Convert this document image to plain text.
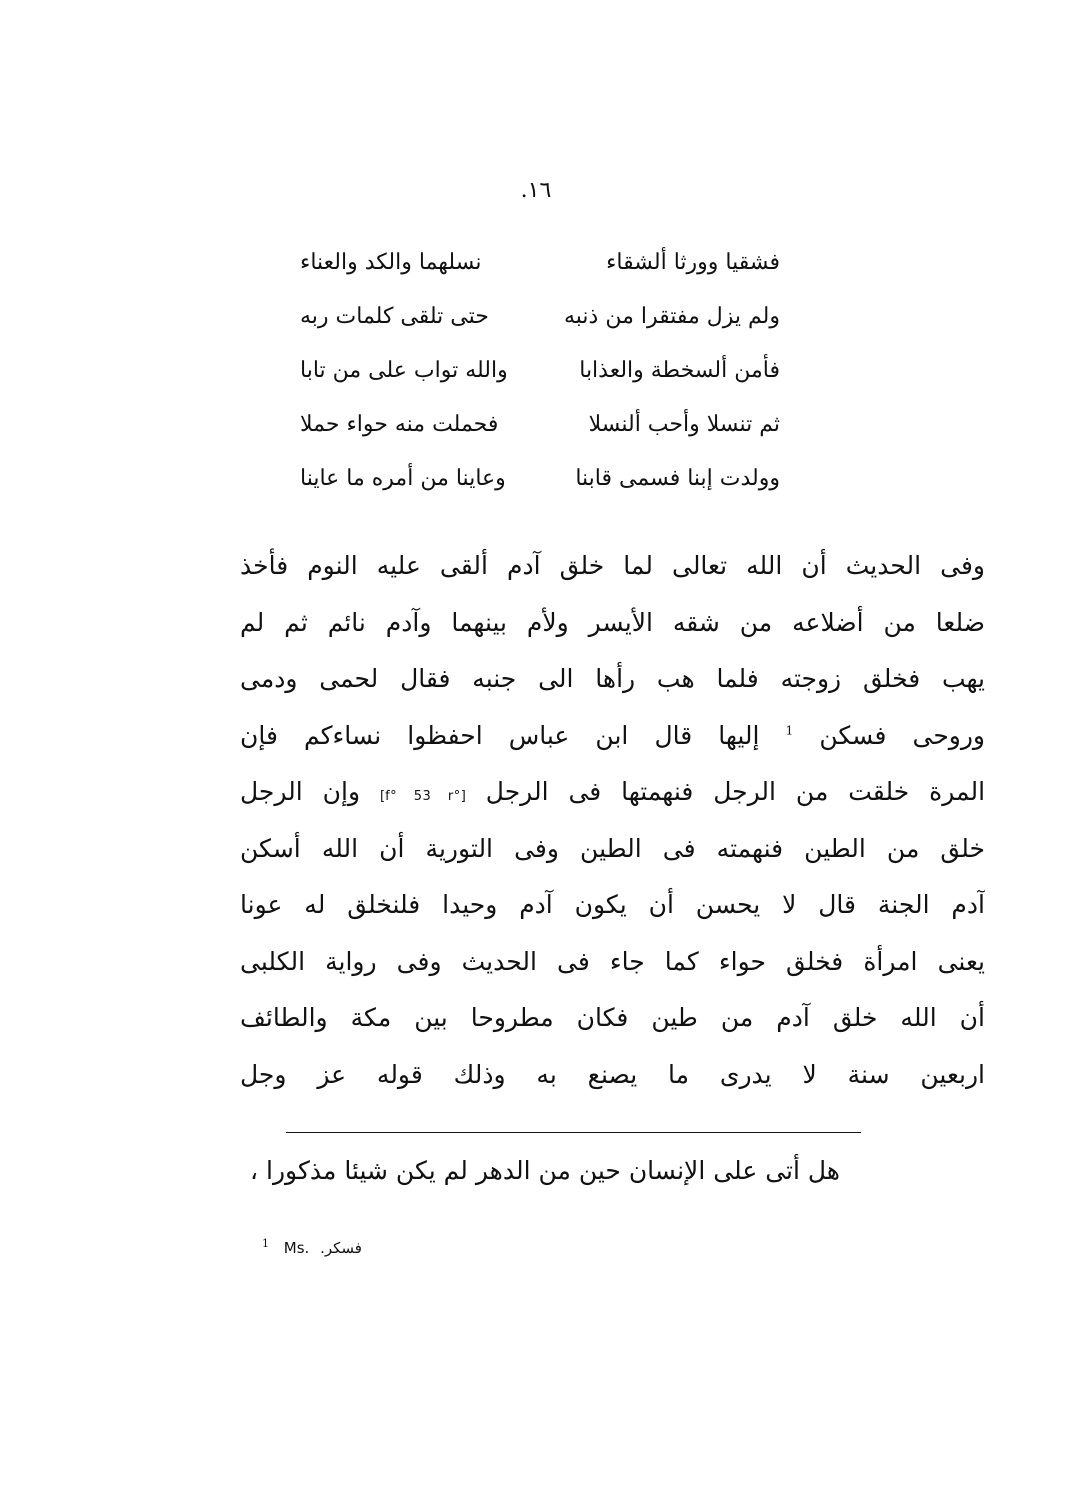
١٦.
فشقيا وورثا ألشقاء
نسلهما والكد والعناء
ولم يزل مفتقرا من ذنبه
حتى تلقى كلمات ربه
فأمن ألسخطة والعذابا
والله تواب على من تابا
ثم تنسلا وأحب ألنسلا
فحملت منه حواء حملا
وولدت إبنا فسمى قابنا
وعاينا من أمره ما عاينا
وفى الحديث أن الله تعالى لما خلق آدم ألقى عليه النوم فأخذ
ضلعا من أضلاعه من شقه الأيسر ولأم بينهما وآدم نائم ثم لم
يهب فخلق زوجته فلما هب رأها الى جنبه فقال لحمى ودمى
وروحى فسكن $^1$ إليها قال ابن عباس احفظوا نساءكم فإن
المرة خلقت من الرجل فنهمتها فى الرجل [f° 53 r°] وإن الرجل
خلق من الطين فنهمته فى الطين وفى التورية أن الله أسكن
آدم الجنة قال لا يحسن أن يكون آدم وحيدا فلنخلق له عونا
يعنى امرأة فخلق حواء كما جاء فى الحديث وفى رواية الكلبى
أن الله خلق آدم من طين فكان مطروحا بين مكة والطائف
اربعين سنة لا يدرى ما يصنع به وذلك قوله عز وجل
هل أتى على الإنسان حين من الدهر لم يكن شيئا مذكورا ،
$^1$ Ms. فسكر.
